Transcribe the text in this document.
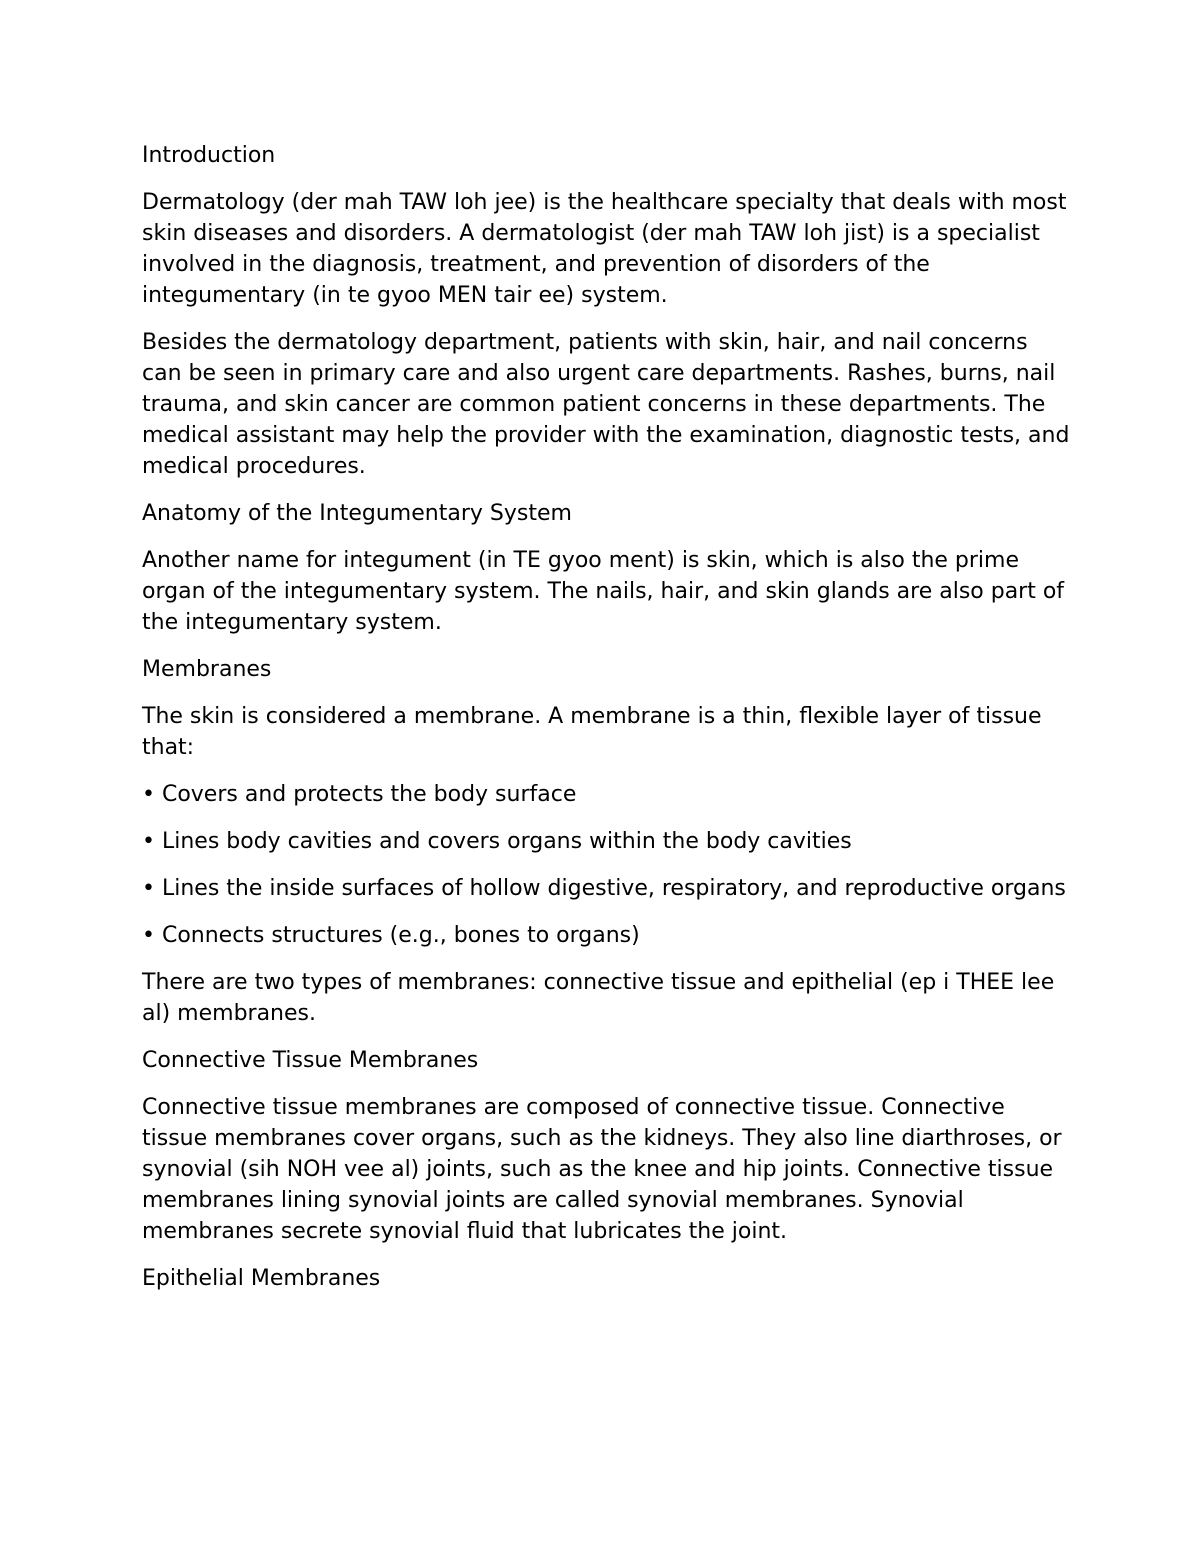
Introduction

Dermatology (der mah TAW loh jee) is the healthcare specialty that deals with most skin diseases and disorders. A dermatologist (der mah TAW loh jist) is a specialist involved in the diagnosis, treatment, and prevention of disorders of the integumentary (in te gyoo MEN tair ee) system.

Besides the dermatology department, patients with skin, hair, and nail concerns can be seen in primary care and also urgent care departments. Rashes, burns, nail trauma, and skin cancer are common patient concerns in these departments. The medical assistant may help the provider with the examination, diagnostic tests, and medical procedures.

Anatomy of the Integumentary System

Another name for integument (in TE gyoo ment) is skin, which is also the prime organ of the integumentary system. The nails, hair, and skin glands are also part of the integumentary system.

Membranes

The skin is considered a membrane. A membrane is a thin, flexible layer of tissue that:

• Covers and protects the body surface

• Lines body cavities and covers organs within the body cavities

• Lines the inside surfaces of hollow digestive, respiratory, and reproductive organs

• Connects structures (e.g., bones to organs)

There are two types of membranes: connective tissue and epithelial (ep i THEE lee al) membranes.

Connective Tissue Membranes

Connective tissue membranes are composed of connective tissue. Connective tissue membranes cover organs, such as the kidneys. They also line diarthroses, or synovial (sih NOH vee al) joints, such as the knee and hip joints. Connective tissue membranes lining synovial joints are called synovial membranes. Synovial membranes secrete synovial fluid that lubricates the joint.

Epithelial Membranes
